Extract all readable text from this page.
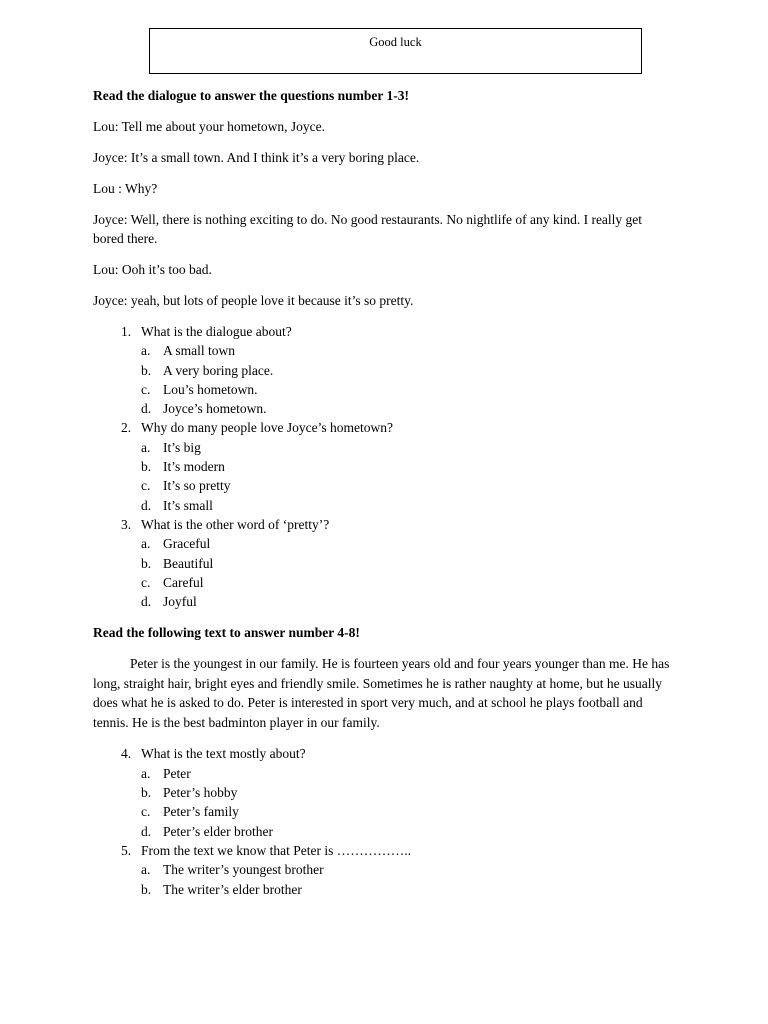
Good luck

Read the dialogue to answer the questions number 1-3!

Lou: Tell me about your hometown, Joyce.

Joyce: It’s a small town. And I think it’s a very boring place.

Lou : Why?

Joyce: Well, there is nothing exciting to do. No good restaurants. No nightlife of any kind. I really get bored there.

Lou: Ooh it’s too bad.

Joyce: yeah, but lots of people love it because it’s so pretty.

1. What is the dialogue about?
a. A small town
b. A very boring place.
c. Lou’s hometown.
d. Joyce’s hometown.
2. Why do many people love Joyce’s hometown?
a. It’s big
b. It’s modern
c. It’s so pretty
d. It’s small
3. What is the other word of ‘pretty’?
a. Graceful
b. Beautiful
c. Careful
d. Joyful

Read the following text to answer number 4-8!

Peter is the youngest in our family. He is fourteen years old and four years younger than me. He has long, straight hair, bright eyes and friendly smile. Sometimes he is rather naughty at home, but he usually does what he is asked to do. Peter is interested in sport very much, and at school he plays football and tennis. He is the best badminton player in our family.

4. What is the text mostly about?
a. Peter
b. Peter’s hobby
c. Peter’s family
d. Peter’s elder brother
5. From the text we know that Peter is ……………..
a. The writer’s youngest brother
b. The writer’s elder brother
